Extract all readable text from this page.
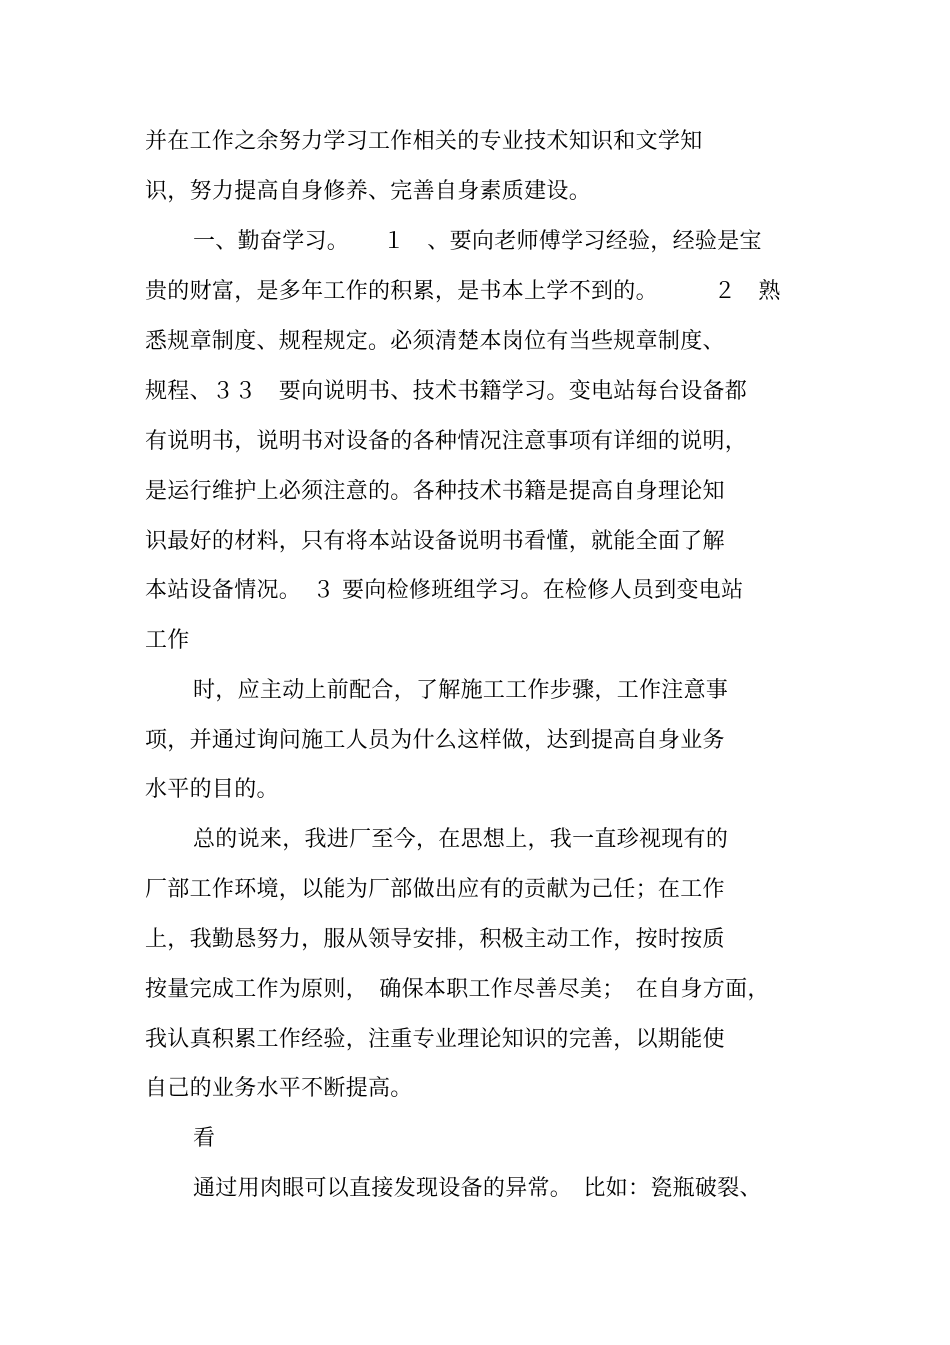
并在工作之余努力学习工作相关的专业技术知识和文学知
识，努力提高自身修养、完善自身素质建设。
一、勤奋学习。　　１　、要向老师傅学习经验，经验是宝
贵的财富，是多年工作的积累，是书本上学不到的。　　　２　熟
悉规章制度、规程规定。必须清楚本岗位有当些规章制度、
规程、３３　要向说明书、技术书籍学习。变电站每台设备都
有说明书，说明书对设备的各种情况注意事项有详细的说明，
是运行维护上必须注意的。各种技术书籍是提高自身理论知
识最好的材料，只有将本站设备说明书看懂，就能全面了解
本站设备情况。　３ 要向检修班组学习。在检修人员到变电站
工作
时，应主动上前配合，了解施工工作步骤，工作注意事
项，并通过询问施工人员为什么这样做，达到提高自身业务
水平的目的。
总的说来，我进厂至今，在思想上，我一直珍视现有的
厂部工作环境，以能为厂部做出应有的贡献为己任；在工作
上，我勤恳努力，服从领导安排，积极主动工作，按时按质
按量完成工作为原则，　确保本职工作尽善尽美；　在自身方面，
我认真积累工作经验，注重专业理论知识的完善，以期能使
自己的业务水平不断提高。
看
通过用肉眼可以直接发现设备的异常。　比如：瓷瓶破裂、
